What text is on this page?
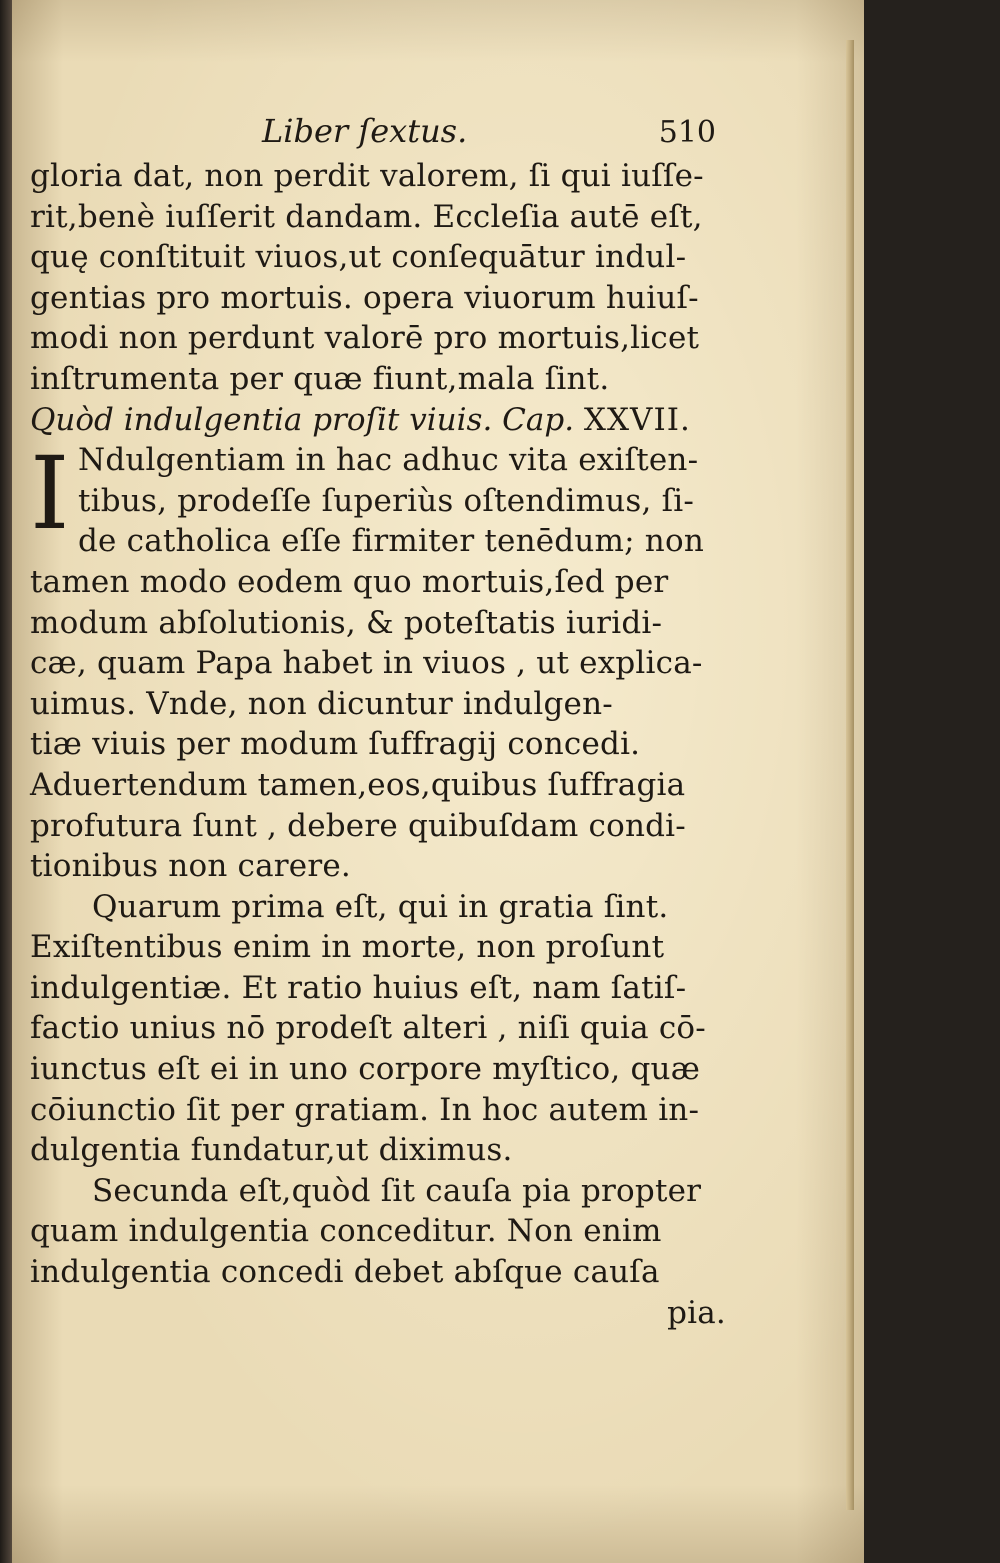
Liber ſextus.	510
gloria dat, non perdit valorem, ſi qui iuſſe-
rit,benè iuſſerit dandam. Eccleſia autē eſt,
quę conſtituit viuos,ut conſequātur indul-
gentias pro mortuis. opera viuorum huiuſ-
modi non perdunt valorē pro mortuis,licet
inſtrumenta per quæ fiunt,mala ſint.
Quòd indulgentia proſit viuis. Cap. XXVII.
I Ndulgentiam in hac adhuc vita exiſten-
tibus, prodeſſe ſuperiùs oſtendimus, ſi-
de catholica eſſe firmiter tenēdum; non
tamen modo eodem quo mortuis,ſed per
modum abſolutionis, & poteſtatis iuridi-
cæ, quam Papa habet in viuos , ut explica-
uimus. Vnde, non dicuntur indulgen-
tiæ viuis per modum ſuffragij concedi.
Aduertendum tamen,eos,quibus ſuffragia
profutura ſunt , debere quibuſdam condi-
tionibus non carere.
Quarum prima eſt, qui in gratia ſint.
Exiſtentibus enim in morte, non proſunt
indulgentiæ. Et ratio huius eſt, nam ſatiſ-
factio unius nō prodeſt alteri , niſi quia cō-
iunctus eſt ei in uno corpore myſtico, quæ
cōiunctio ſit per gratiam. In hoc autem in-
dulgentia fundatur,ut diximus.
Secunda eſt,quòd ſit cauſa pia propter
quam indulgentia conceditur. Non enim
indulgentia concedi debet abſque cauſa
pia.
